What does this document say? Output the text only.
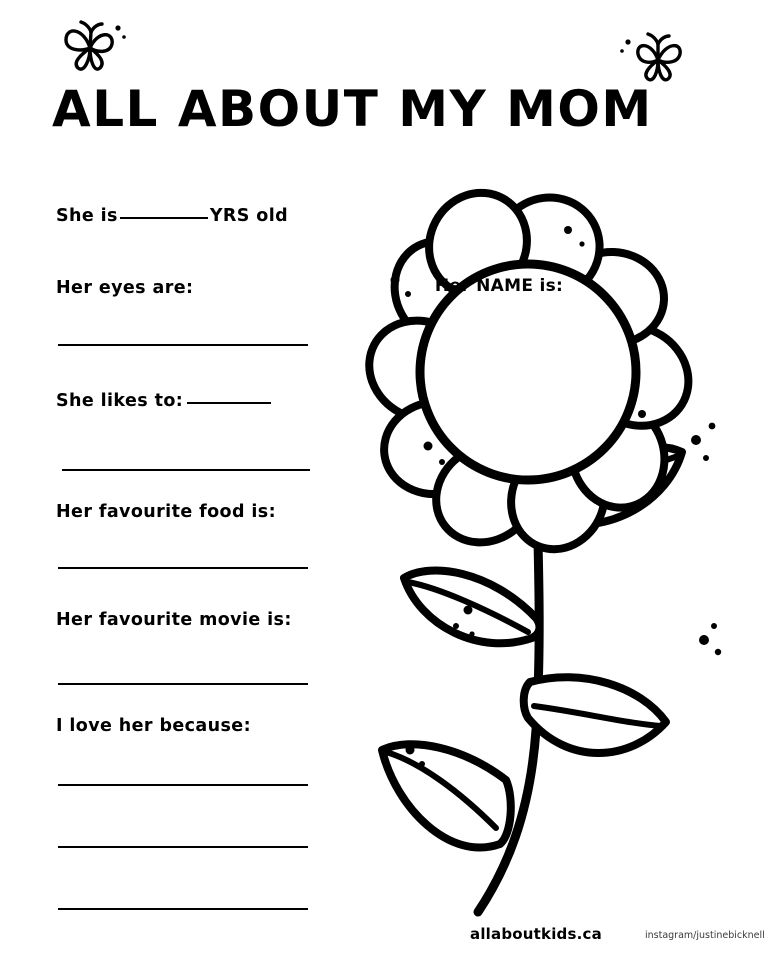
ALL ABOUT MY MOM
She is	YRS old
Her eyes are:
She likes to:
Her favourite food is:
Her favourite movie is:
I love her because:
Her NAME is:
allaboutkids.ca	instagram/justinebicknell
